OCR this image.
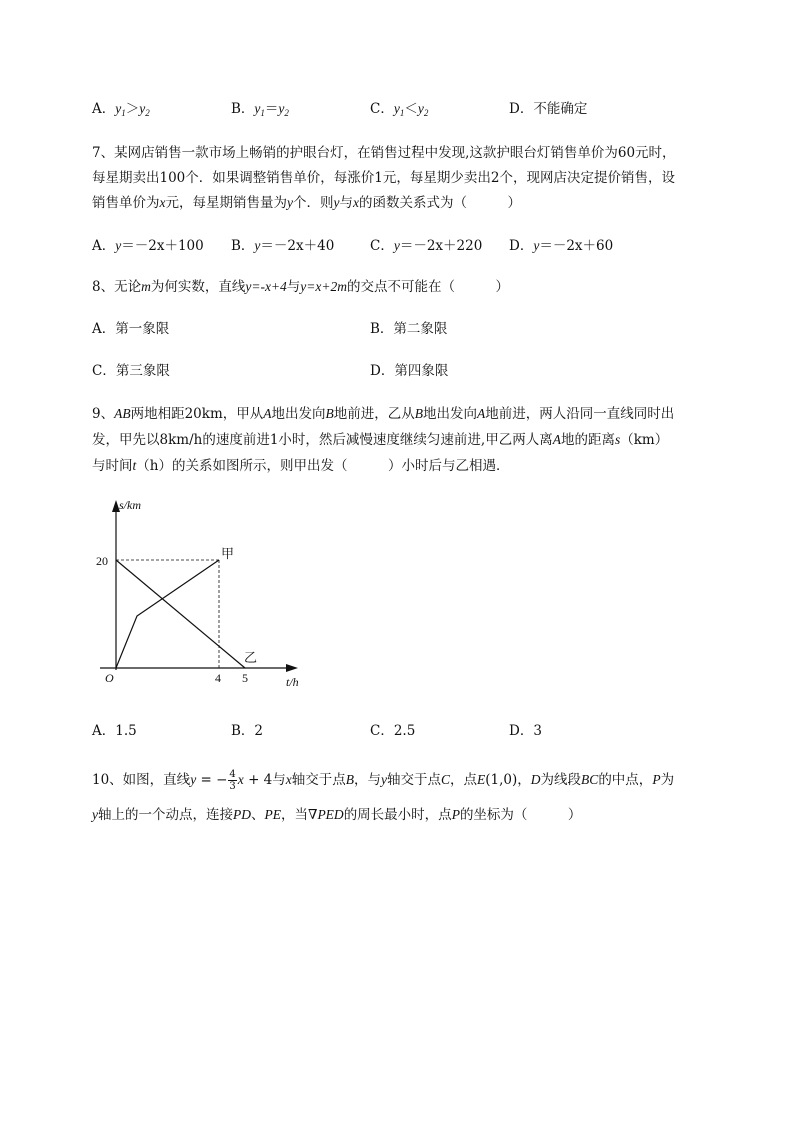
A．$y_1>y_2$	B．$y_1=y_2$	C．$y_1<y_2$	D．不能确定
7、某网店销售一款市场上畅销的护眼台灯，在销售过程中发现,这款护眼台灯销售单价为60元时，
每星期卖出100个．如果调整销售单价，每涨价1元，每星期少卖出2个，现网店决定提价销售，设
销售单价为x元，每星期销售量为y个．则y与x的函数关系式为（　　　）
A．y＝－2x＋100 B．y＝－2x＋40	C．y＝－2x＋220 D．y＝－2x＋60
8、无论m为何实数，直线y=-x+4与y=x+2m的交点不可能在（　　　）
A．第一象限	B．第二象限
C．第三象限	D．第四象限
9、AB两地相距20km，甲从A地出发向B地前进，乙从B地出发向A地前进，两人沿同一直线同时出
发，甲先以8km/h的速度前进1小时，然后减慢速度继续匀速前进,甲乙两人离A地的距离s（km）
与时间t（h）的关系如图所示，则甲出发（　　　）小时后与乙相遇．
s/km
t/h
O
20
4 5
甲
乙
A．1.5	B．2	C．2.5	D．3
10、如图，直线y = − $\frac{4}{3}$ x + 4与x轴交于点B，与y轴交于点C，点E(1,0)，D为线段BC的中点，P为
y轴上的一个动点，连接PD、PE，当∇PED的周长最小时，点P的坐标为（　　　）
